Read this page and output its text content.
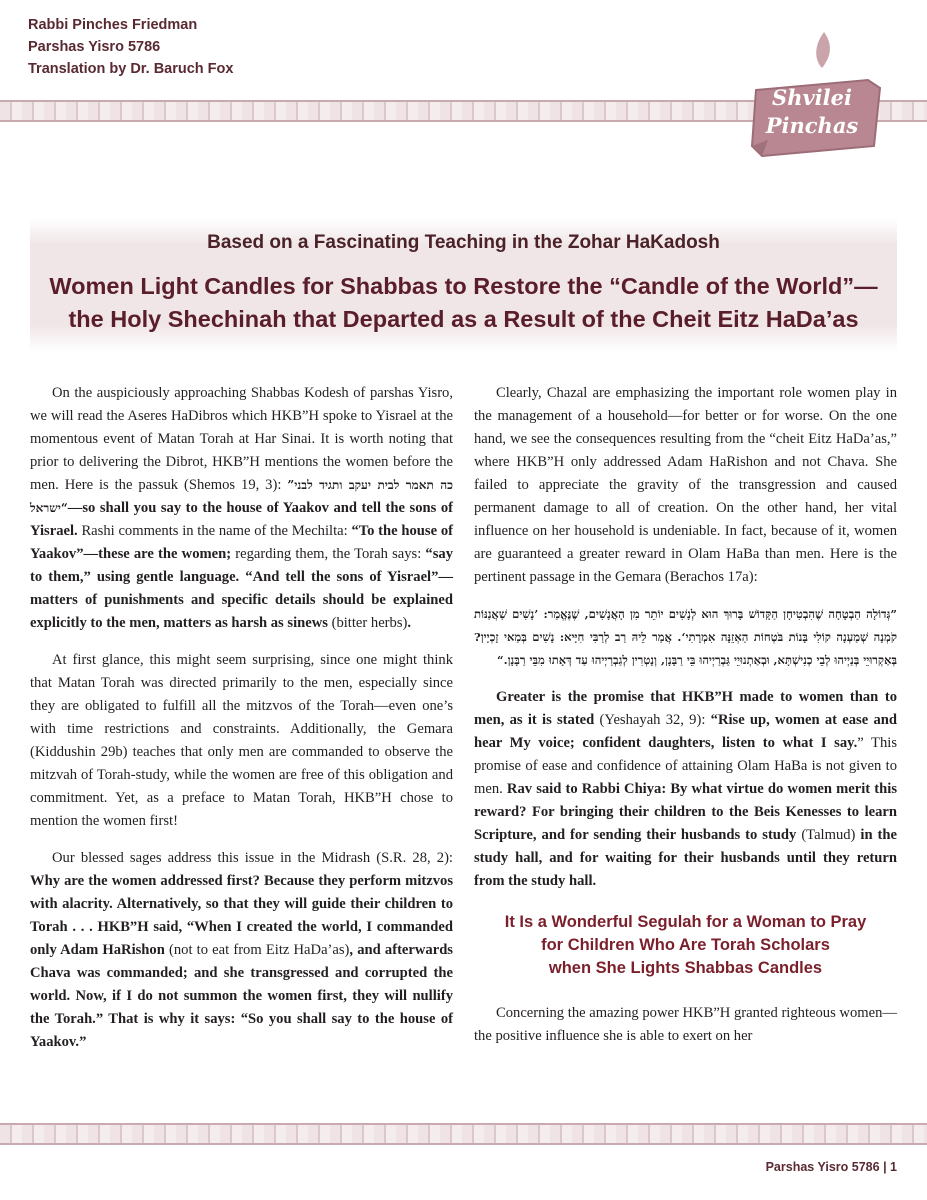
Rabbi Pinches Friedman
Parshas Yisro 5786
Translation by Dr. Baruch Fox
Shvilei
Pinchas
Based on a Fascinating Teaching in the Zohar HaKadosh
Women Light Candles for Shabbas to Restore the “Candle of the World”—
the Holy Shechinah that Departed as a Result of the Cheit Eitz HaDa’as

On the auspiciously approaching Shabbas Kodesh of parshas Yisro, we will read the Aseres HaDibros which HKB”H spoke to Yisrael at the momentous event of Matan Torah at Har Sinai. It is worth noting that prior to delivering the Dibrot, HKB”H mentions the women before the men. Here is the passuk (Shemos 19, 3): ”כה תאמר לבית יעקב ותגיד לבני ישראל“—so shall you say to the house of Yaakov and tell the sons of Yisrael. Rashi comments in the name of the Mechilta: “To the house of Yaakov”—these are the women; regarding them, the Torah says: “say to them,” using gentle language. “And tell the sons of Yisrael”—matters of punishments and specific details should be explained explicitly to the men, matters as harsh as sinews (bitter herbs).

At first glance, this might seem surprising, since one might think that Matan Torah was directed primarily to the men, especially since they are obligated to fulfill all the mitzvos of the Torah—even one’s with time restrictions and constraints. Additionally, the Gemara (Kiddushin 29b) teaches that only men are commanded to observe the mitzvah of Torah-study, while the women are free of this obligation and commitment. Yet, as a preface to Matan Torah, HKB”H chose to mention the women first!

Our blessed sages address this issue in the Midrash (S.R. 28, 2): Why are the women addressed first? Because they perform mitzvos with alacrity. Alternatively, so that they will guide their children to Torah . . . HKB”H said, “When I created the world, I commanded only Adam HaRishon (not to eat from Eitz HaDa’as), and afterwards Chava was commanded; and she transgressed and corrupted the world. Now, if I do not summon the women first, they will nullify the Torah.” That is why it says: “So you shall say to the house of Yaakov.”

Clearly, Chazal are emphasizing the important role women play in the management of a household—for better or for worse. On the one hand, we see the consequences resulting from the “cheit Eitz HaDa’as,” where HKB”H only addressed Adam HaRishon and not Chava. She failed to appreciate the gravity of the transgression and caused permanent damage to all of creation. On the other hand, her vital influence on her household is undeniable. In fact, because of it, women are guaranteed a greater reward in Olam HaBa than men. Here is the pertinent passage in the Gemara (Berachos 17a):

”גְּדוֹלָה הַבְטָחָה שֶׁהִבְטִיחָן הַקָּדוֹשׁ בָּרוּךְ הוּא לְנָשִׁים יוֹתֵר מִן הָאֲנָשִׁים, שֶׁנֶּאֱמַר: ’נָשִׁים שַׁאֲנַנּוֹת קֹמְנָה שְׁמַעְנָה קוֹלִי בָּנוֹת בֹּטְחוֹת הַאְזֵנָּה אִמְרָתִי‘. אֲמַר לֵיהּ רַב לְרַבִּי חִיָּיא: נָשִׁים בְּמַאי זָכְיָין? בְּאַקְרוּיֵי בְּנַיְיהוּ לְבֵי כְנִישְׁתָּא, וּבְאַתְנוּיֵי גַּבְרַיְיהוּ בֵּי רַבָּנָן, וְנָטְרִין לְגַבְרַיְיהוּ עַד דְּאָתוּ מִבֵּי רַבָּנָן.“

Greater is the promise that HKB”H made to women than to men, as it is stated (Yeshayah 32, 9): “Rise up, women at ease and hear My voice; confident daughters, listen to what I say.” This promise of ease and confidence of attaining Olam HaBa is not given to men. Rav said to Rabbi Chiya: By what virtue do women merit this reward? For bringing their children to the Beis Kenesses to learn Scripture, and for sending their husbands to study (Talmud) in the study hall, and for waiting for their husbands until they return from the study hall.

It Is a Wonderful Segulah for a Woman to Pray
for Children Who Are Torah Scholars
when She Lights Shabbas Candles

Concerning the amazing power HKB”H granted righteous women—the positive influence she is able to exert on her

Parshas Yisro 5786 | 1
